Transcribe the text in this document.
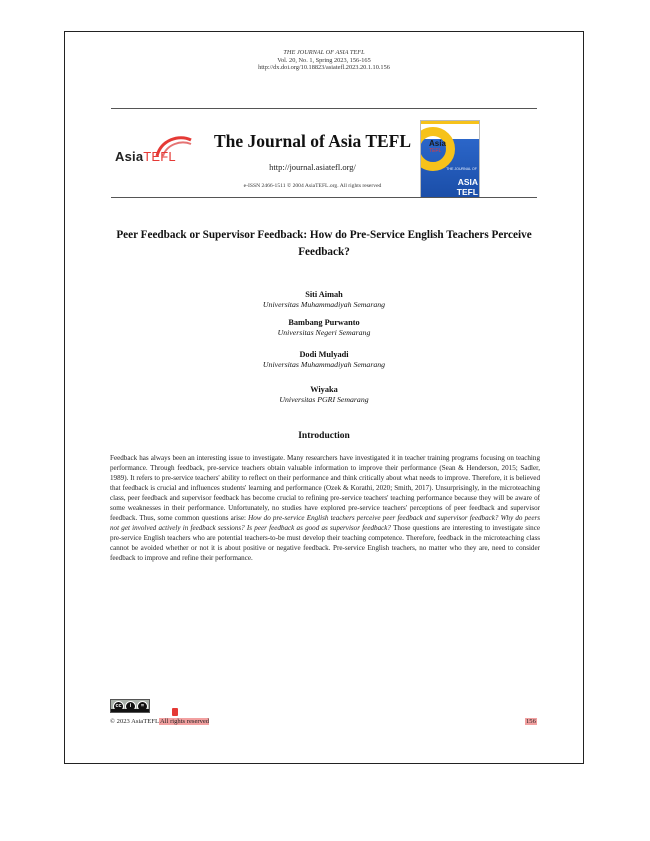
THE JOURNAL OF ASIA TEFL
Vol. 20, No. 1, Spring 2023, 156-165
http://dx.doi.org/10.18823/asiatefl.2023.20.1.10.156
AsiaTEFL
The Journal of Asia TEFL
http://journal.asiatefl.org/
e-ISSN 2466-1511 © 2004 AsiaTEFL.org. All rights reserved
Asia
TEFL
THE JOURNAL OF
ASIA TEFL
Peer Feedback or Supervisor Feedback: How do Pre-Service English Teachers Perceive Feedback?
Siti Aimah
Universitas Muhammadiyah Semarang
Bambang Purwanto
Universitas Negeri Semarang
Dodi Mulyadi
Universitas Muhammadiyah Semarang
Wiyaka
Universitas PGRI Semarang
Introduction
Feedback has always been an interesting issue to investigate. Many researchers have investigated it in teacher training programs focusing on teaching performance. Through feedback, pre-service teachers obtain valuable information to improve their performance (Sean & Henderson, 2015; Sadler, 1989). It refers to pre-service teachers' ability to reflect on their performance and think critically about what needs to improve. Therefore, it is believed that feedback is crucial and influences students' learning and performance (Ozek & Korathi, 2020; Smith, 2017). Unsurprisingly, in the microteaching class, peer feedback and supervisor feedback has become crucial to refining pre-service teachers' teaching performance because they will be aware of some weaknesses in their performance. Unfortunately, no studies have explored pre-service teachers' perceptions of peer feedback and supervisor feedback. Thus, some common questions arise: How do pre-service English teachers perceive peer feedback and supervisor feedback? Why do peers not get involved actively in feedback sessions? Is peer feedback as good as supervisor feedback? Those questions are interesting to investigate since pre-service English teachers who are potential teachers-to-be must develop their teaching competence. Therefore, feedback in the microteaching class cannot be avoided whether or not it is about positive or negative feedback. Pre-service English teachers, no matter who they are, need to consider feedback to improve and refine their performance.
cc	i	=
© 2023 AsiaTEFL All rights reserved	156
